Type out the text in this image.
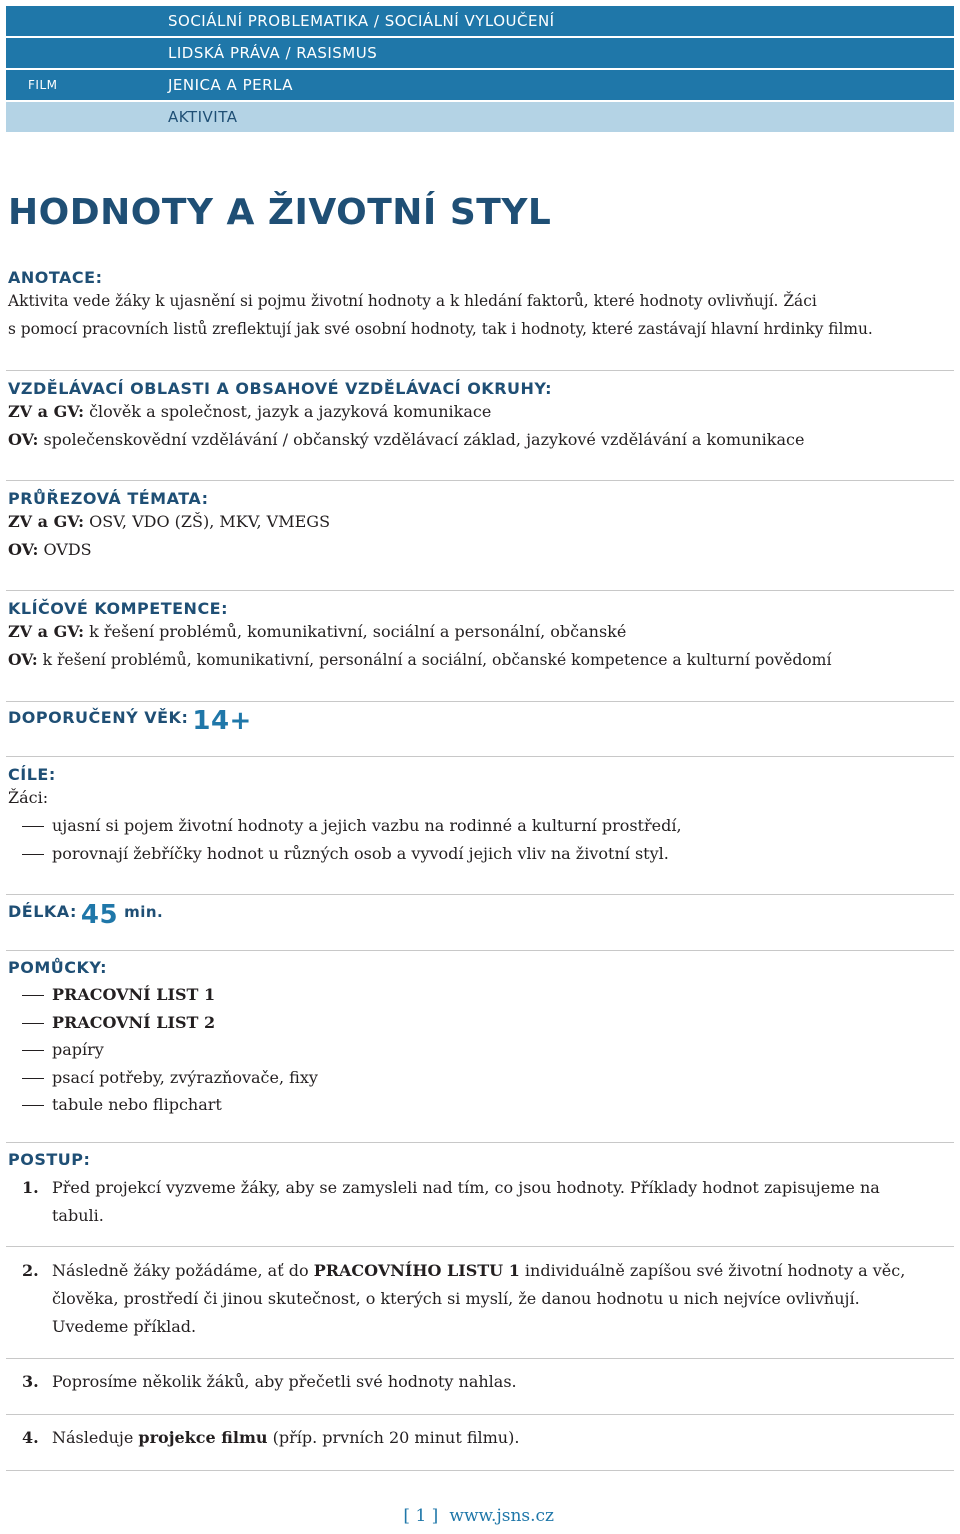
SOCIÁLNÍ PROBLEMATIKA / SOCIÁLNÍ VYLOUČENÍ
LIDSKÁ PRÁVA / RASISMUS
FILM	JENICA A PERLA
AKTIVITA
HODNOTY A ŽIVOTNÍ STYL

ANOTACE:

Aktivita vede žáky k ujasnění si pojmu životní hodnoty a k hledání faktorů, které hodnoty ovlivňují. Žáci

s pomocí pracovních listů zreflektují jak své osobní hodnoty, tak i hodnoty, které zastávají hlavní hrdinky filmu.

VZDĚLÁVACÍ OBLASTI A OBSAHOVÉ VZDĚLÁVACÍ OKRUHY:

ZV a GV: člověk a společnost, jazyk a jazyková komunikace

OV: společenskovědní vzdělávání / občanský vzdělávací základ, jazykové vzdělávání a komunikace

PRŮŘEZOVÁ TÉMATA:

ZV a GV: OSV, VDO (ZŠ), MKV, VMEGS

OV: OVDS

KLÍČOVÉ KOMPETENCE:

ZV a GV: k řešení problémů, komunikativní, sociální a personální, občanské

OV: k řešení problémů, komunikativní, personální a sociální, občanské kompetence a kulturní povědomí

DOPORUČENÝ VĚK: 14+

CÍLE:

Žáci:

ujasní si pojem životní hodnoty a jejich vazbu na rodinné a kulturní prostředí,
porovnají žebříčky hodnot u různých osob a vyvodí jejich vliv na životní styl.

DÉLKA: 45 min.

POMŮCKY:

PRACOVNÍ LIST 1
PRACOVNÍ LIST 2
papíry
psací potřeby, zvýrazňovače, fixy
tabule nebo flipchart

POSTUP:

1. Před projekcí vyzveme žáky, aby se zamysleli nad tím, co jsou hodnoty. Příklady hodnot zapisujeme na tabuli.
2. Následně žáky požádáme, ať do PRACOVNÍHO LISTU 1 individuálně zapíšou své životní hodnoty a věc, člověka, prostředí či jinou skutečnost, o kterých si myslí, že danou hodnotu u nich nejvíce ovlivňují. Uvedeme příklad.
3. Poprosíme několik žáků, aby přečetli své hodnoty nahlas.
4. Následuje projekce filmu (příp. prvních 20 minut filmu).
[ 1 ] www.jsns.cz
